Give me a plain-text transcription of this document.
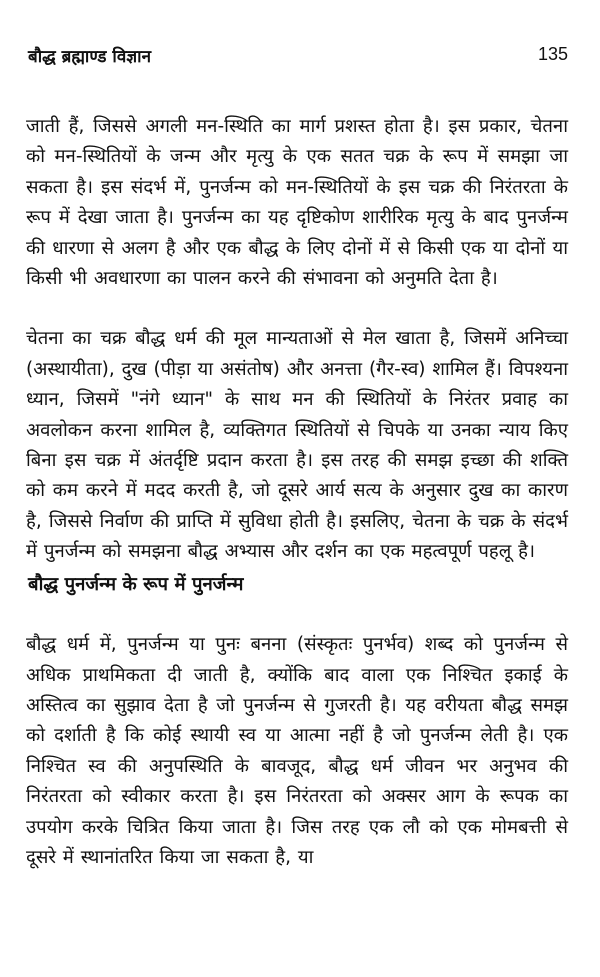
बौद्ध ब्रह्माण्ड विज्ञान	135

जाती हैं, जिससे अगली मन-स्थिति का मार्ग प्रशस्त होता है। इस प्रकार, चेतना को मन-स्थितियों के जन्म और मृत्यु के एक सतत चक्र के रूप में समझा जा सकता है। इस संदर्भ में, पुनर्जन्म को मन-स्थितियों के इस चक्र की निरंतरता के रूप में देखा जाता है। पुनर्जन्म का यह दृष्टिकोण शारीरिक मृत्यु के बाद पुनर्जन्म की धारणा से अलग है और एक बौद्ध के लिए दोनों में से किसी एक या दोनों या किसी भी अवधारणा का पालन करने की संभावना को अनुमति देता है।

चेतना का चक्र बौद्ध धर्म की मूल मान्यताओं से मेल खाता है, जिसमें अनिच्चा (अस्थायीता), दुख (पीड़ा या असंतोष) और अनत्ता (गैर-स्व) शामिल हैं। विपश्यना ध्यान, जिसमें "नंगे ध्यान" के साथ मन की स्थितियों के निरंतर प्रवाह का अवलोकन करना शामिल है, व्यक्तिगत स्थितियों से चिपके या उनका न्याय किए बिना इस चक्र में अंतर्दृष्टि प्रदान करता है। इस तरह की समझ इच्छा की शक्ति को कम करने में मदद करती है, जो दूसरे आर्य सत्य के अनुसार दुख का कारण है, जिससे निर्वाण की प्राप्ति में सुविधा होती है। इसलिए, चेतना के चक्र के संदर्भ में पुनर्जन्म को समझना बौद्ध अभ्यास और दर्शन का एक महत्वपूर्ण पहलू है।

बौद्ध पुनर्जन्म के रूप में पुनर्जन्म

बौद्ध धर्म में, पुनर्जन्म या पुनः बनना (संस्कृतः पुनर्भव) शब्द को पुनर्जन्म से अधिक प्राथमिकता दी जाती है, क्योंकि बाद वाला एक निश्चित इकाई के अस्तित्व का सुझाव देता है जो पुनर्जन्म से गुजरती है। यह वरीयता बौद्ध समझ को दर्शाती है कि कोई स्थायी स्व या आत्मा नहीं है जो पुनर्जन्म लेती है। एक निश्चित स्व की अनुपस्थिति के बावजूद, बौद्ध धर्म जीवन भर अनुभव की निरंतरता को स्वीकार करता है। इस निरंतरता को अक्सर आग के रूपक का उपयोग करके चित्रित किया जाता है। जिस तरह एक लौ को एक मोमबत्ती से दूसरे में स्थानांतरित किया जा सकता है, या
